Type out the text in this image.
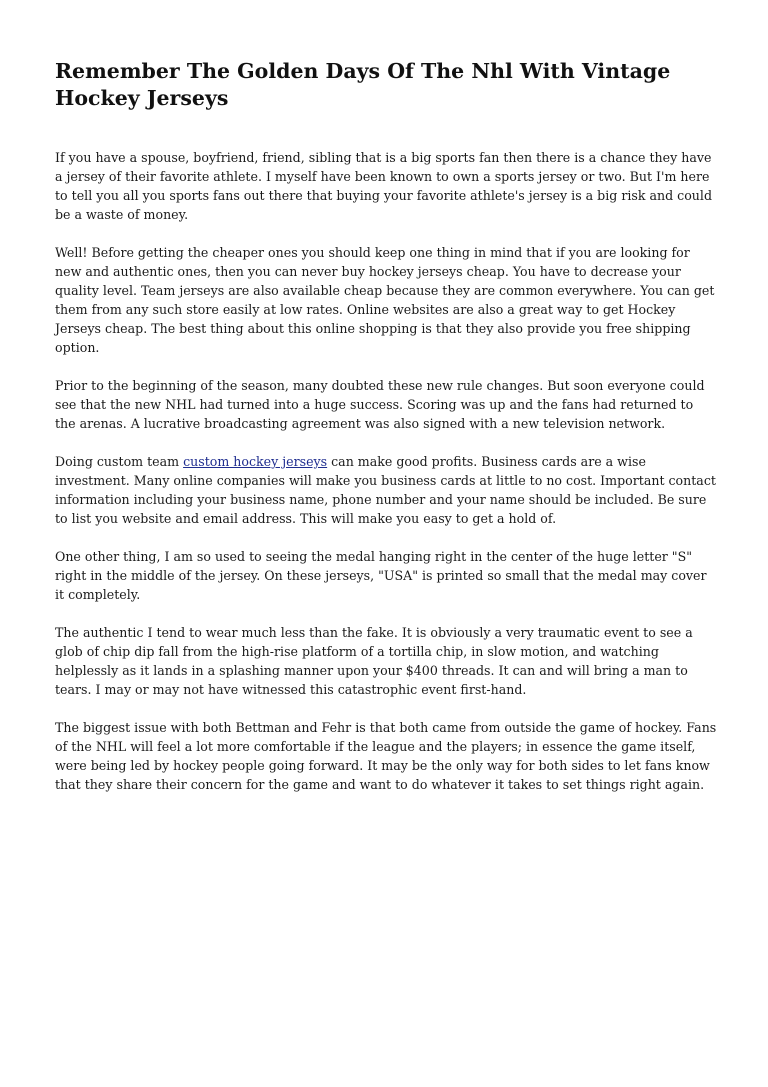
Remember The Golden Days Of The Nhl With Vintage Hockey Jerseys

If you have a spouse, boyfriend, friend, sibling that is a big sports fan then there is a chance they have a jersey of their favorite athlete. I myself have been known to own a sports jersey or two. But I'm here to tell you all you sports fans out there that buying your favorite athlete's jersey is a big risk and could be a waste of money.

Well! Before getting the cheaper ones you should keep one thing in mind that if you are looking for new and authentic ones, then you can never buy hockey jerseys cheap. You have to decrease your quality level. Team jerseys are also available cheap because they are common everywhere. You can get them from any such store easily at low rates. Online websites are also a great way to get Hockey Jerseys cheap. The best thing about this online shopping is that they also provide you free shipping option.

Prior to the beginning of the season, many doubted these new rule changes. But soon everyone could see that the new NHL had turned into a huge success. Scoring was up and the fans had returned to the arenas. A lucrative broadcasting agreement was also signed with a new television network.

Doing custom team custom hockey jerseys can make good profits. Business cards are a wise investment. Many online companies will make you business cards at little to no cost. Important contact information including your business name, phone number and your name should be included. Be sure to list you website and email address. This will make you easy to get a hold of.

One other thing, I am so used to seeing the medal hanging right in the center of the huge letter "S" right in the middle of the jersey. On these jerseys, "USA" is printed so small that the medal may cover it completely.

The authentic I tend to wear much less than the fake. It is obviously a very traumatic event to see a glob of chip dip fall from the high-rise platform of a tortilla chip, in slow motion, and watching helplessly as it lands in a splashing manner upon your $400 threads. It can and will bring a man to tears. I may or may not have witnessed this catastrophic event first-hand.

The biggest issue with both Bettman and Fehr is that both came from outside the game of hockey. Fans of the NHL will feel a lot more comfortable if the league and the players; in essence the game itself, were being led by hockey people going forward. It may be the only way for both sides to let fans know that they share their concern for the game and want to do whatever it takes to set things right again.
